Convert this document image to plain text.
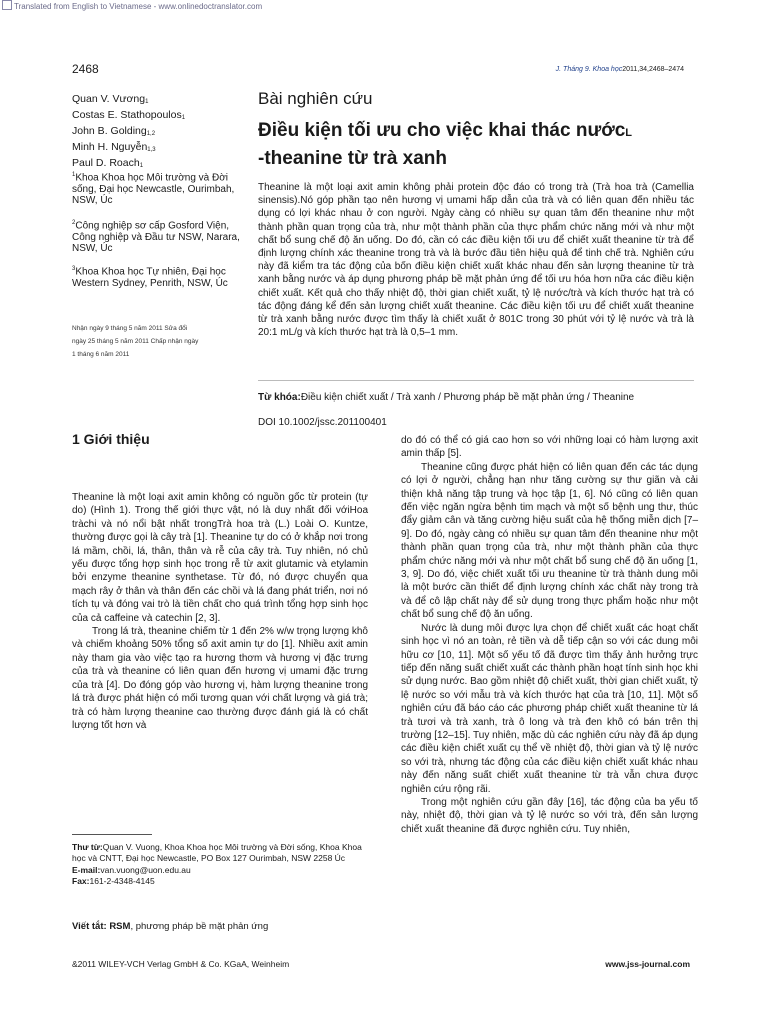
Translated from English to Vietnamese - www.onlinedoctranslator.com
2468	J. Tháng 9. Khoa học2011,34,2468–2474
Quan V. Vương$_1$
Costas E. Stathopoulos$_1$
John B. Golding$_{1,2}$
Minh H. Nguyễn$_{1,3}$
Paul D. Roach$_1$
$^1$Khoa Khoa học Môi trường và Đời sống, Đại học Newcastle, Ourimbah, NSW, Úc
$^2$Công nghiệp sơ cấp Gosford Viện, Công nghiệp và Đầu tư NSW, Narara, NSW, Úc
$^3$Khoa Khoa học Tự nhiên, Đại học Western Sydney, Penrith, NSW, Úc
Nhận ngày 9 tháng 5 năm 2011 Sửa đổi ngày 25 tháng 5 năm 2011 Chấp nhận ngày 1 tháng 6 năm 2011
Bài nghiên cứu
Điều kiện tối ưu cho việc khai thác nướcL
-theanine từ trà xanh
Theanine là một loại axit amin không phải protein độc đáo có trong trà (Trà hoa trà (Camellia sinensis).Nó góp phần tạo nên hương vị umami hấp dẫn của trà và có liên quan đến nhiều tác dụng có lợi khác nhau ở con người. Ngày càng có nhiều sự quan tâm đến theanine như một thành phần quan trọng của trà, như một thành phần của thực phẩm chức năng mới và như một chất bổ sung chế độ ăn uống. Do đó, cần có các điều kiện tối ưu để chiết xuất theanine từ trà để định lượng chính xác theanine trong trà và là bước đầu tiên hiệu quả để tinh chế trà. Nghiên cứu này đã kiểm tra tác động của bốn điều kiện chiết xuất khác nhau đến sản lượng theanine từ trà xanh bằng nước và áp dụng phương pháp bề mặt phản ứng để tối ưu hóa hơn nữa các điều kiện chiết xuất. Kết quả cho thấy nhiệt độ, thời gian chiết xuất, tỷ lệ nước/trà và kích thước hạt trà có tác động đáng kể đến sản lượng chiết xuất theanine. Các điều kiện tối ưu để chiết xuất theanine từ trà xanh bằng nước được tìm thấy là chiết xuất ở 801C trong 30 phút với tỷ lệ nước và trà là 20:1 mL/g và kích thước hạt trà là 0,5–1 mm.
Từ khóa:Điều kiện chiết xuất / Trà xanh / Phương pháp bề mặt phản ứng / Theanine
DOI 10.1002/jssc.201100401
1 Giới thiệu

Theanine là một loại axit amin không có nguồn gốc từ protein (tự do) (Hình 1). Trong thế giới thực vật, nó là duy nhất đối vớiHoa tràchi và nó nổi bật nhất trongTrà hoa trà (L.) Loài O. Kuntze, thường được gọi là cây trà [1]. Theanine tự do có ở khắp nơi trong lá mầm, chồi, lá, thân, thân và rễ của cây trà. Tuy nhiên, nó chủ yếu được tổng hợp sinh học trong rễ từ axit glutamic và etylamin bởi enzyme theanine synthetase. Từ đó, nó được chuyển qua mạch rây ở thân và thân đến các chồi và lá đang phát triển, nơi nó tích tụ và đóng vai trò là tiền chất cho quá trình tổng hợp sinh học của cả caffeine và catechin [2, 3].

Trong lá trà, theanine chiếm từ 1 đến 2% w/w trọng lượng khô và chiếm khoảng 50% tổng số axit amin tự do [1]. Nhiều axit amin này tham gia vào việc tạo ra hương thơm và hương vị đặc trưng của trà và theanine có liên quan đến hương vị umami đặc trưng của trà [4]. Do đóng góp vào hương vị, hàm lượng theanine trong lá trà được phát hiện có mối tương quan với chất lượng và giá trà; trà có hàm lượng theanine cao thường được đánh giá là có chất lượng tốt hơn và

do đó có thể có giá cao hơn so với những loại có hàm lượng axit amin thấp [5].

Theanine cũng được phát hiện có liên quan đến các tác dụng có lợi ở người, chẳng hạn như tăng cường sự thư giãn và cải thiện khả năng tập trung và học tập [1, 6]. Nó cũng có liên quan đến việc ngăn ngừa bệnh tim mạch và một số bệnh ung thư, thúc đẩy giảm cân và tăng cường hiệu suất của hệ thống miễn dịch [7–9]. Do đó, ngày càng có nhiều sự quan tâm đến theanine như một thành phần quan trọng của trà, như một thành phần của thực phẩm chức năng mới và như một chất bổ sung chế độ ăn uống [1, 3, 9]. Do đó, việc chiết xuất tối ưu theanine từ trà thành dung môi là một bước cần thiết để định lượng chính xác chất này trong trà và để cô lập chất này để sử dụng trong thực phẩm hoặc như một chất bổ sung chế độ ăn uống.

Nước là dung môi được lựa chọn để chiết xuất các hoạt chất sinh học vì nó an toàn, rẻ tiền và dễ tiếp cận so với các dung môi hữu cơ [10, 11]. Một số yếu tố đã được tìm thấy ảnh hưởng trực tiếp đến năng suất chiết xuất các thành phần hoạt tính sinh học khi sử dụng nước. Bao gồm nhiệt độ chiết xuất, thời gian chiết xuất, tỷ lệ nước so với mẫu trà và kích thước hạt của trà [10, 11]. Một số nghiên cứu đã báo cáo các phương pháp chiết xuất theanine từ lá trà tươi và trà xanh, trà ô long và trà đen khô có bán trên thị trường [12–15]. Tuy nhiên, mặc dù các nghiên cứu này đã áp dụng các điều kiện chiết xuất cụ thể về nhiệt độ, thời gian và tỷ lệ nước so với trà, nhưng tác động của các điều kiện chiết xuất khác nhau này đến năng suất chiết xuất theanine từ trà vẫn chưa được nghiên cứu rộng rãi.

Trong một nghiên cứu gần đây [16], tác động của ba yếu tố này, nhiệt độ, thời gian và tỷ lệ nước so với trà, đến sản lượng chiết xuất theanine đã được nghiên cứu. Tuy nhiên,

Thư từ:Quan V. Vuong, Khoa Khoa học Môi trường và Đời sống, Khoa Khoa học và CNTT, Đại học Newcastle, PO Box 127 Ourimbah, NSW 2258 Úc
E-mail:van.vuong@uon.edu.au
Fax:161-2-4348-4145
Viết tắt: RSM, phương pháp bề mặt phản ứng
&2011 WILEY-VCH Verlag GmbH & Co. KGaA, Weinheim	www.jss-journal.com
